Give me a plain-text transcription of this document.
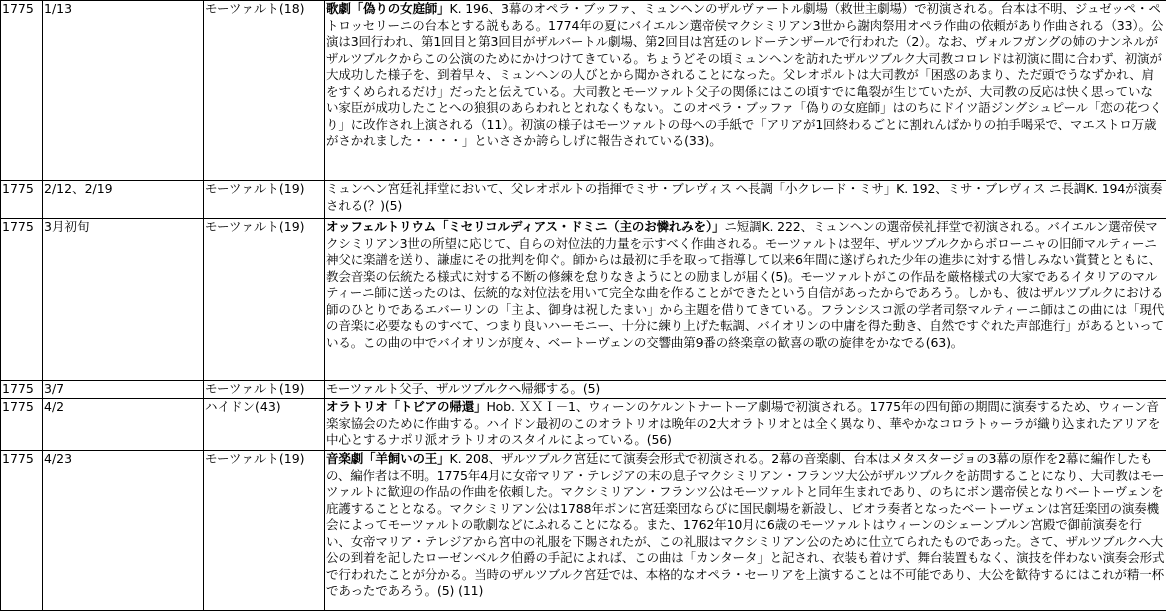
1775	1/13	モーツァルト(18)	歌劇「偽りの女庭師」K. 196、3幕のオペラ・ブッファ、ミュンヘンのザルヴァートル劇場（救世主劇場）で初演される。台本は不明、ジュゼッペ・ペトロッセリーニの台本とする説もある。1774年の夏にバイエルン選帝侯マクシミリアン3世から謝肉祭用オペラ作曲の依頼があり作曲される（33）。公演は3回行われ、第1回目と第3回目がザルバートル劇場、第2回目は宮廷のレドーテンザールで行われた（2）。なお、ヴォルフガングの姉のナンネルがザルツブルクからこの公演のためにかけつけてきている。ちょうどその頃ミュンヘンを訪れたザルツブルク大司教コロレドは初演に間に合わず、初演が大成功した様子を、到着早々、ミュンヘンの人びとから聞かされることになった。父レオポルトは大司教が「困惑のあまり、ただ頭でうなずかれ、肩をすくめられるだけ」だったと伝えている。大司教とモーツァルト父子の関係にはこの頃すでに亀裂が生じていたが、大司教の反応は快く思っていない家臣が成功したことへの狼狽のあらわれととれなくもない。このオペラ・ブッファ「偽りの女庭師」はのちにドイツ語ジングシュピール「恋の花つくり」に改作され上演される（11）。初演の様子はモーツァルトの母への手紙で「アリアが1回終わるごとに割れんばかりの拍手喝采で、マエストロ万歳がさかれました・・・・」といささか誇らしげに報告されている(33)。
1775	2/12、2/19	モーツァルト(19)	ミュンヘン宮廷礼拝堂において、父レオポルトの指揮でミサ・ブレヴィス へ長調「小クレード・ミサ」K. 192、ミサ・ブレヴィス ニ長調K. 194が演奏される(？)(5)
1775	3月初旬	モーツァルト(19)	オッフェルトリウム「ミセリコルディアス・ドミニ（主のお憐れみを）」ニ短調K. 222、ミュンヘンの選帝侯礼拝堂で初演される。バイエルン選帝侯マクシミリアン3世の所望に応じて、自らの対位法的力量を示すべく作曲される。モーツァルトは翌年、ザルツブルクからボローニャの旧師マルティーニ神父に楽譜を送り、謙虚にその批判を仰ぐ。師からは最初に手を取って指導して以来6年間に遂げられた少年の進歩に対する惜しみない賞賛とともに、教会音楽の伝統たる様式に対する不断の修練を怠りなきようにとの励ましが届く(5)。モーツァルトがこの作品を厳格様式の大家であるイタリアのマルティーニ師に送ったのは、伝統的な対位法を用いて完全な曲を作ることができたという自信があったからであろう。しかも、彼はザルツブルクにおける師のひとりであるエバーリンの「主よ、御身は祝したまい」から主題を借りてきている。フランシスコ派の学者司祭マルティーニ師はこの曲には「現代の音楽に必要なものすべて、つまり良いハーモニー、十分に練り上げた転調、バイオリンの中庸を得た動き、自然ですぐれた声部進行」があるといっている。この曲の中でバイオリンが度々、ベートーヴェンの交響曲第9番の終楽章の歓喜の歌の旋律をかなでる(63)。
1775	3/7	モーツァルト(19)	モーツァルト父子、ザルツブルクへ帰郷する。(5)
1775	4/2	ハイドン(43)	オラトリオ「トビアの帰還」Hob. ＸＸＩ－1、ウィーンのケルントナートーア劇場で初演される。1775年の四旬節の期間に演奏するため、ウィーン音楽家協会のために作曲する。ハイドン最初のこのオラトリオは晩年の2大オラトリオとは全く異なり、華やかなコロラトゥーラが織り込まれたアリアを中心とするナポリ派オラトリオのスタイルによっている。(56)
1775	4/23	モーツァルト(19)	音楽劇「羊飼いの王」K. 208、ザルツブルク宮廷にて演奏会形式で初演される。2幕の音楽劇、台本はメタスタージョの3幕の原作を2幕に編作したもの、編作者は不明。1775年4月に女帝マリア・テレジアの末の息子マクシミリアン・フランツ大公がザルツブルクを訪問することになり、大司教はモーツァルトに歓迎の作品の作曲を依頼した。マクシミリアン・フランツ公はモーツァルトと同年生まれであり、のちにボン選帝侯となりベートーヴェンを庇護することとなる。マクシミリアン公は1788年ボンに宮廷楽団ならびに国民劇場を新設し、ビオラ奏者となったベートーヴェンは宮廷楽団の演奏機会によってモーツァルトの歌劇などにふれることになる。また、1762年10月に6歳のモーツァルトはウィーンのシェーンブルン宮殿で御前演奏を行い、女帝マリア・テレジアから宮中の礼服を下賜されたが、この礼服はマクシミリアン公のために仕立てられたものであった。さて、ザルツブルクへ大公の到着を記したローゼンベルク伯爵の手記によれば、この曲は「カンタータ」と記され、衣装も着けず、舞台装置もなく、演技を伴わない演奏会形式で行われたことが分かる。当時のザルツブルク宮廷では、本格的なオペラ・セーリアを上演することは不可能であり、大公を歓待するにはこれが精一杯であったであろう。(5) (11)
